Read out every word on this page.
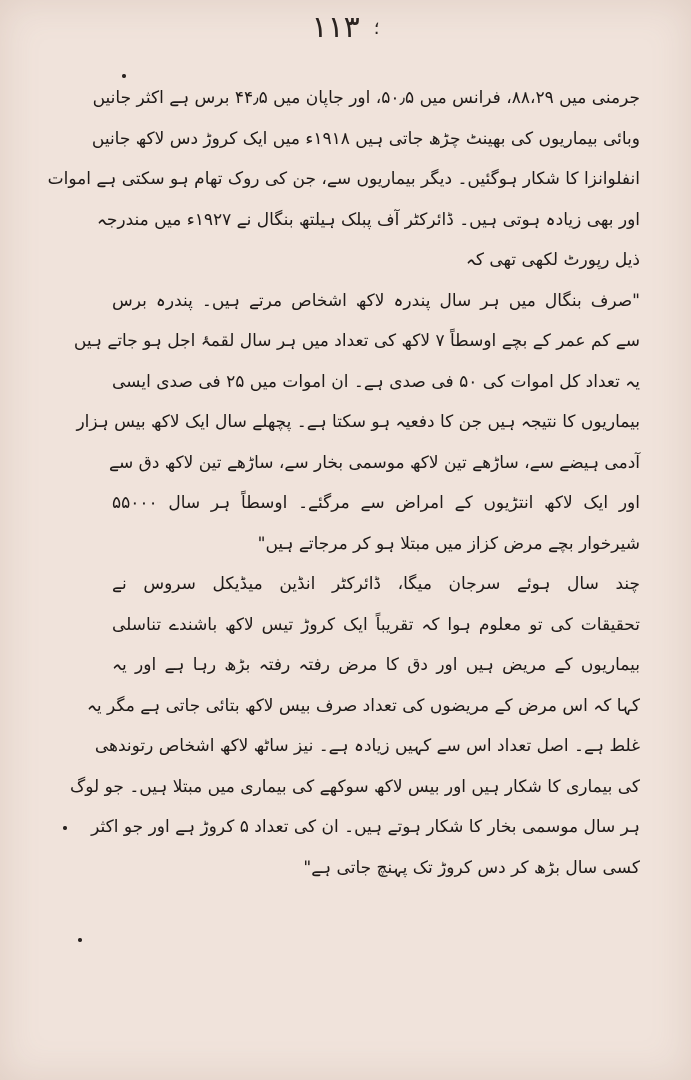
۱۱۳ ؛
جرمنی میں ۸۸،۲۹، فرانس میں ۵۰٫۵، اور جاپان میں ۴۴٫۵ برس ہے اکثر جانیں
وبائی بیماریوں کی بھینٹ چڑھ جاتی ہیں ۱۹۱۸ء میں ایک کروڑ دس لاکھ جانیں
انفلوانزا کا شکار ہوگئیں۔ دیگر بیماریوں سے، جن کی روک تھام ہو سکتی ہے اموات
اور بھی زیادہ ہوتی ہیں۔ ڈائرکٹر آف پبلک ہیلتھ بنگال نے ۱۹۲۷ء میں مندرجہ
ذیل رپورٹ لکھی تھی کہ
"صرف بنگال میں ہر سال پندرہ لاکھ اشخاص مرتے ہیں۔ پندرہ برس
سے کم عمر کے بچے اوسطاً ۷ لاکھ کی تعداد میں ہر سال لقمۂ اجل ہو جاتے ہیں
یہ تعداد کل اموات کی ۵۰ فی صدی ہے۔ ان اموات میں ۲۵ فی صدی ایسی
بیماریوں کا نتیجہ ہیں جن کا دفعیہ ہو سکتا ہے۔ پچھلے سال ایک لاکھ بیس ہزار
آدمی ہیضے سے، ساڑھے تین لاکھ موسمی بخار سے، ساڑھے تین لاکھ دق سے
اور ایک لاکھ انتڑیوں کے امراض سے مرگئے۔ اوسطاً ہر سال ۵۵۰۰۰
شیرخوار بچے مرض کزاز میں مبتلا ہو کر مرجاتے ہیں"
چند سال ہوئے سرجان میگا، ڈائرکٹر انڈین میڈیکل سروس نے
تحقیقات کی تو معلوم ہوا کہ تقریباً ایک کروڑ تیس لاکھ باشندے تناسلی
بیماریوں کے مریض ہیں اور دق کا مرض رفتہ رفتہ بڑھ رہا ہے اور یہ
کہا کہ اس مرض کے مریضوں کی تعداد صرف بیس لاکھ بتائی جاتی ہے مگر یہ
غلط ہے۔ اصل تعداد اس سے کہیں زیادہ ہے۔ نیز ساٹھ لاکھ اشخاص رتوندھی
کی بیماری کا شکار ہیں اور بیس لاکھ سوکھے کی بیماری میں مبتلا ہیں۔ جو لوگ
ہر سال موسمی بخار کا شکار ہوتے ہیں۔ ان کی تعداد ۵ کروڑ ہے اور جو اکثر
کسی سال بڑھ کر دس کروڑ تک پہنچ جاتی ہے"
